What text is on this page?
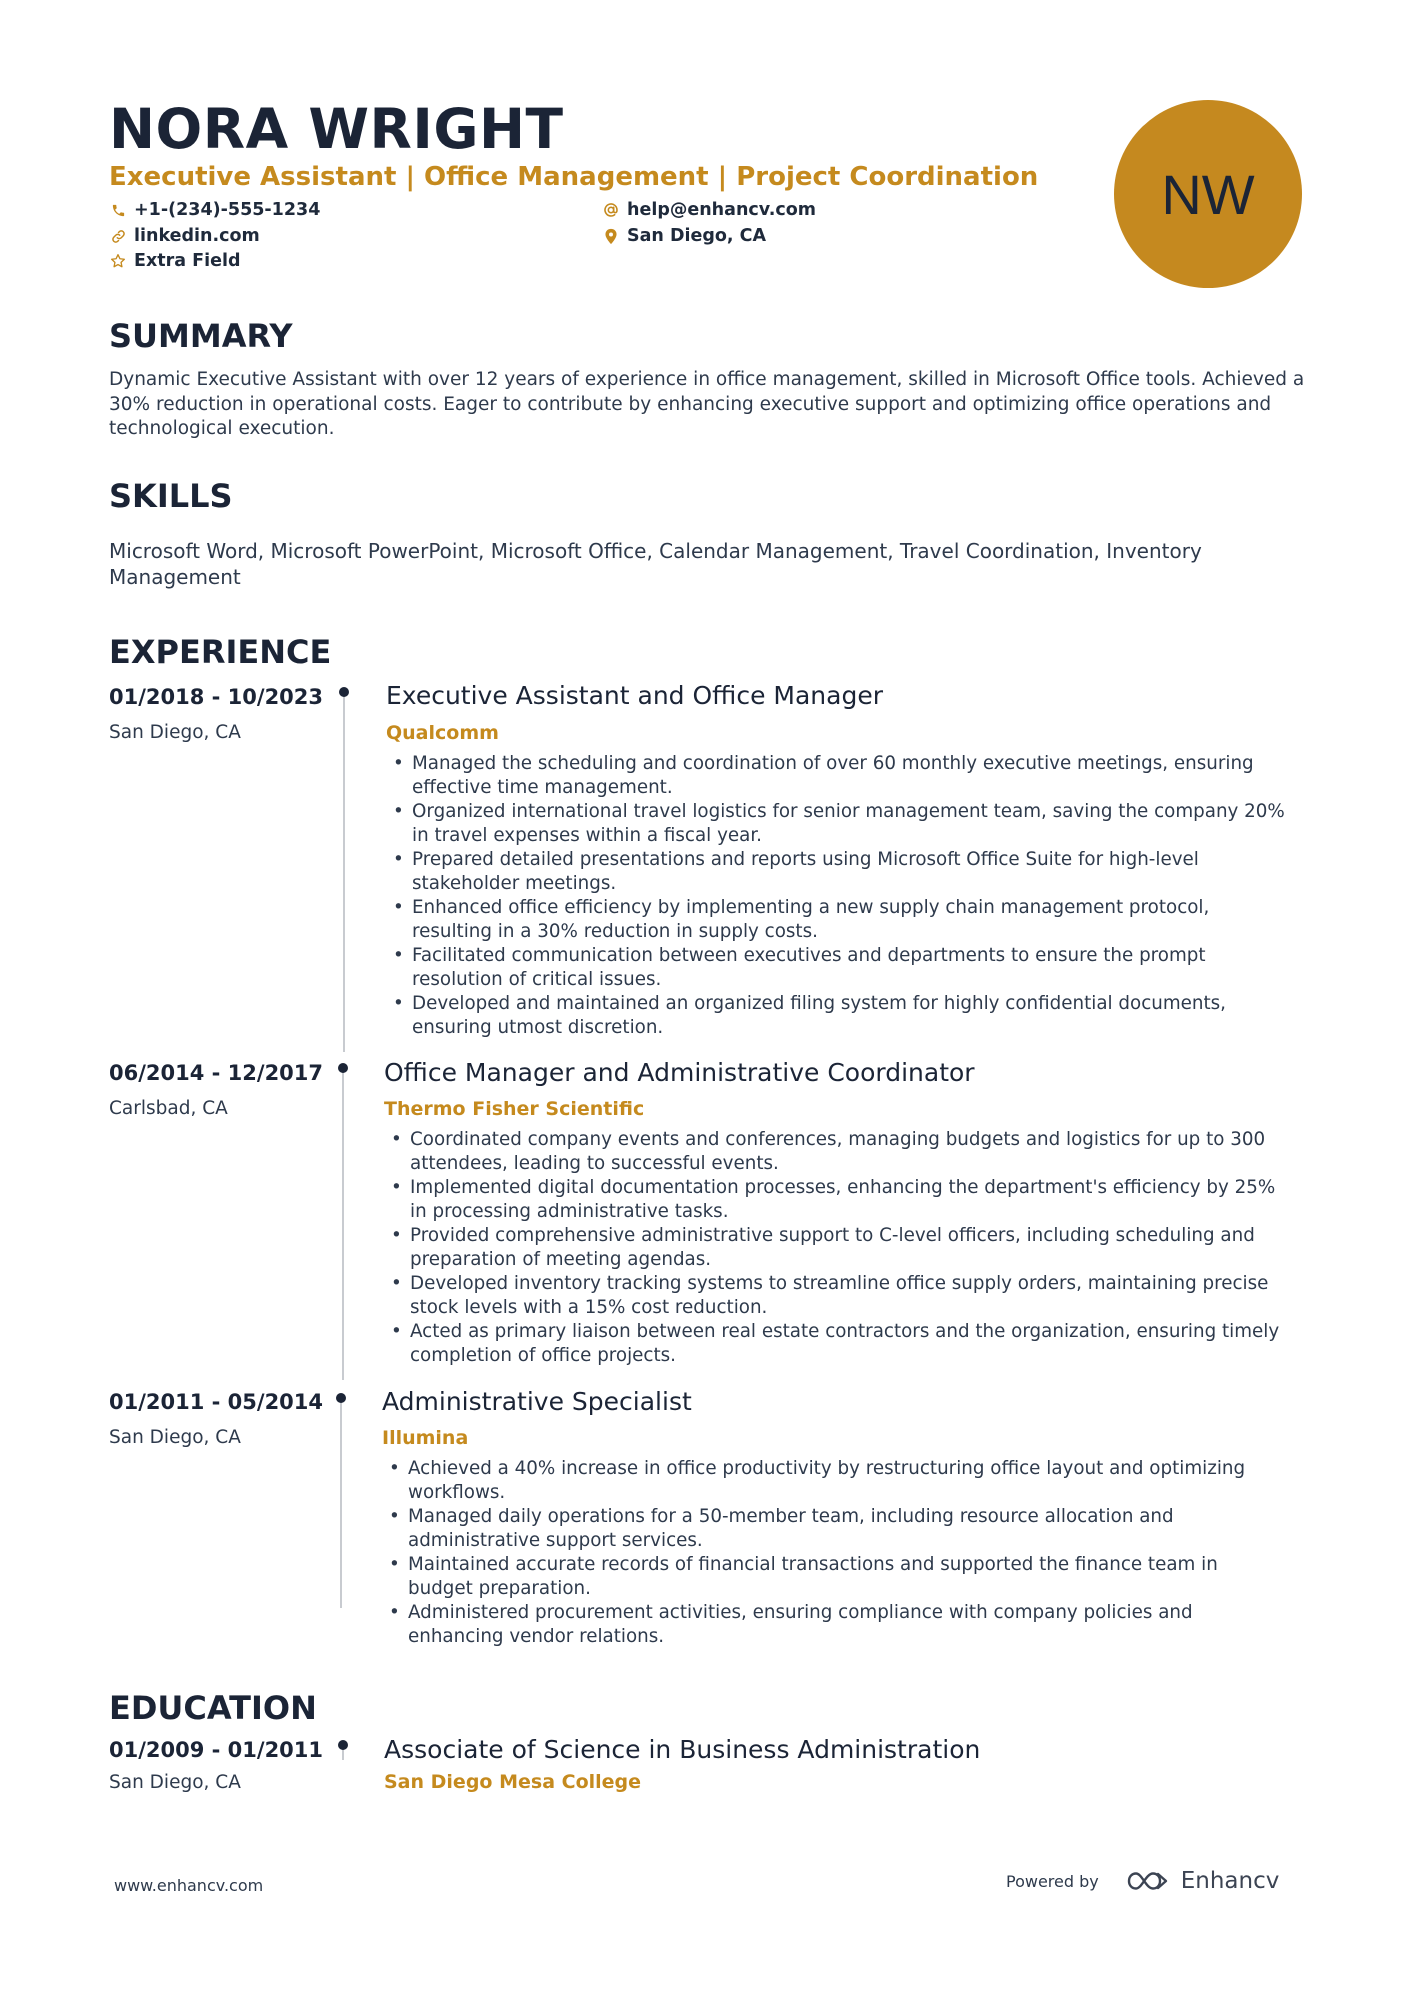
NORA WRIGHT
Executive Assistant | Office Management | Project Coordination
+1-(234)-555-1234	help@enhancv.com
linkedin.com	San Diego, CA
Extra Field
NW
SUMMARY
Dynamic Executive Assistant with over 12 years of experience in office management, skilled in Microsoft Office tools. Achieved a 30% reduction in operational costs. Eager to contribute by enhancing executive support and optimizing office operations and technological execution.
SKILLS
Microsoft Word, Microsoft PowerPoint, Microsoft Office, Calendar Management, Travel Coordination, Inventory Management
EXPERIENCE
01/2018 - 10/2023
San Diego, CA
Executive Assistant and Office Manager
Qualcomm
• Managed the scheduling and coordination of over 60 monthly executive meetings, ensuring effective time management.
• Organized international travel logistics for senior management team, saving the company 20% in travel expenses within a fiscal year.
• Prepared detailed presentations and reports using Microsoft Office Suite for high-level stakeholder meetings.
• Enhanced office efficiency by implementing a new supply chain management protocol, resulting in a 30% reduction in supply costs.
• Facilitated communication between executives and departments to ensure the prompt resolution of critical issues.
• Developed and maintained an organized filing system for highly confidential documents, ensuring utmost discretion.
06/2014 - 12/2017
Carlsbad, CA
Office Manager and Administrative Coordinator
Thermo Fisher Scientific
• Coordinated company events and conferences, managing budgets and logistics for up to 300 attendees, leading to successful events.
• Implemented digital documentation processes, enhancing the department's efficiency by 25% in processing administrative tasks.
• Provided comprehensive administrative support to C-level officers, including scheduling and preparation of meeting agendas.
• Developed inventory tracking systems to streamline office supply orders, maintaining precise stock levels with a 15% cost reduction.
• Acted as primary liaison between real estate contractors and the organization, ensuring timely completion of office projects.
01/2011 - 05/2014
San Diego, CA
Administrative Specialist
Illumina
• Achieved a 40% increase in office productivity by restructuring office layout and optimizing workflows.
• Managed daily operations for a 50-member team, including resource allocation and administrative support services.
• Maintained accurate records of financial transactions and supported the finance team in budget preparation.
• Administered procurement activities, ensuring compliance with company policies and enhancing vendor relations.
EDUCATION
01/2009 - 01/2011
San Diego, CA
Associate of Science in Business Administration
San Diego Mesa College
www.enhancv.com	Powered by	Enhancv
